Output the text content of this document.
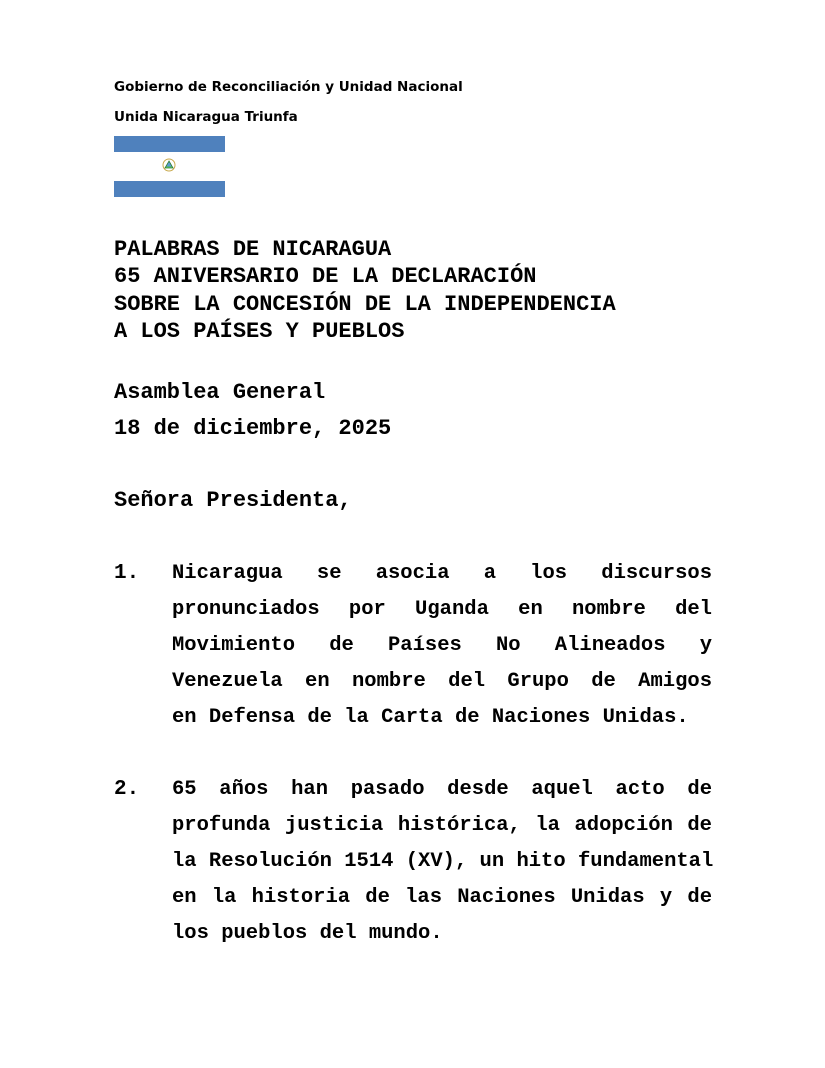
Gobierno de Reconciliación y Unidad Nacional
Unida Nicaragua Triunfa
PALABRAS DE NICARAGUA
65 ANIVERSARIO DE LA DECLARACIÓN
SOBRE LA CONCESIÓN DE LA INDEPENDENCIA
A LOS PAÍSES Y PUEBLOS
Asamblea General
18 de diciembre, 2025
Señora Presidenta,
1. Nicaragua se asocia a los discursos
pronunciados por Uganda en nombre del
Movimiento de Países No Alineados y
Venezuela en nombre del Grupo de Amigos
en Defensa de la Carta de Naciones Unidas.
2. 65 años han pasado desde aquel acto de
profunda justicia histórica, la adopción de
la Resolución 1514 (XV), un hito fundamental
en la historia de las Naciones Unidas y de
los pueblos del mundo.
